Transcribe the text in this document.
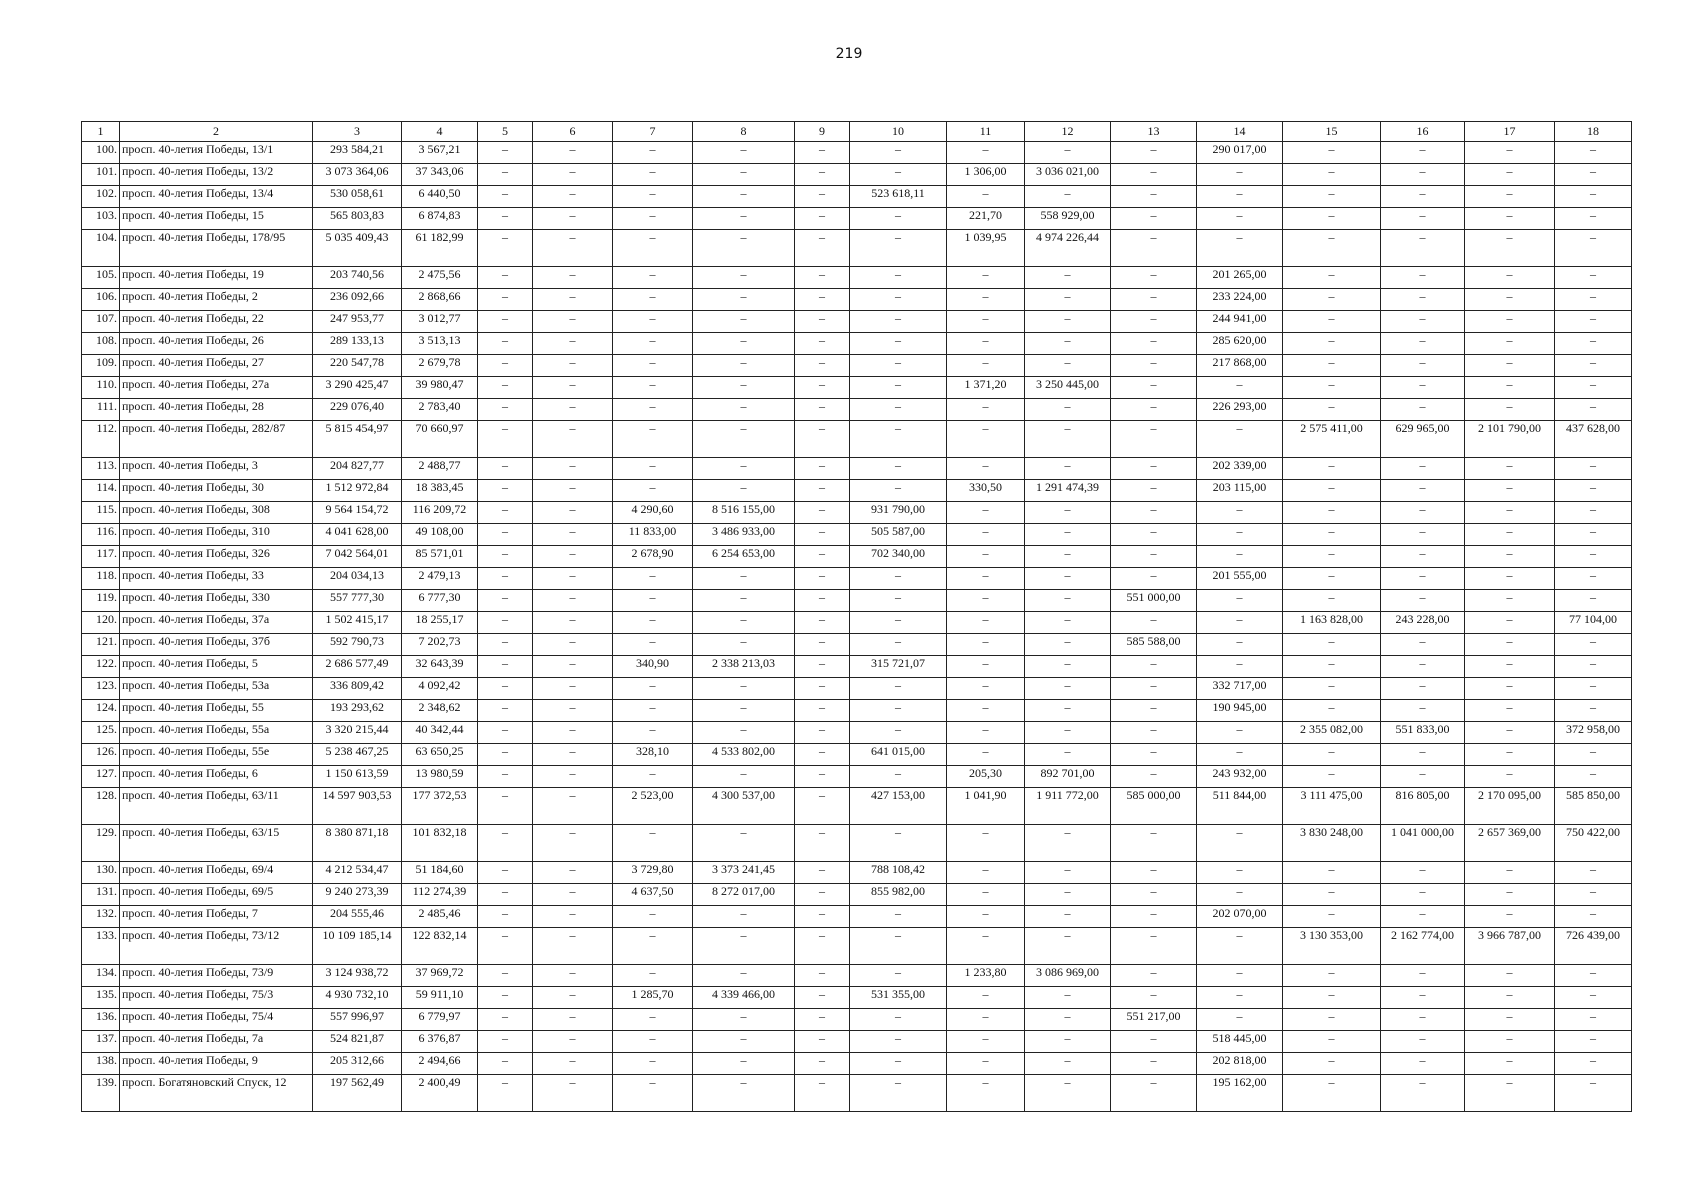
219
1	2	3	4	5	6	7	8	9	10	11	12	13	14	15	16	17	18
100.	просп. 40-летия Победы, 13/1	293 584,21	3 567,21	–	–	–	–	–	–	–	–	–	290 017,00	–	–	–	–
101.	просп. 40-летия Победы, 13/2	3 073 364,06	37 343,06	–	–	–	–	–	–	1 306,00	3 036 021,00	–	–	–	–	–	–
102.	просп. 40-летия Победы, 13/4	530 058,61	6 440,50	–	–	–	–	–	523 618,11	–	–	–	–	–	–	–	–
103.	просп. 40-летия Победы, 15	565 803,83	6 874,83	–	–	–	–	–	–	221,70	558 929,00	–	–	–	–	–	–
104.	просп. 40-летия Победы, 178/95	5 035 409,43	61 182,99	–	–	–	–	–	–	1 039,95	4 974 226,44	–	–	–	–	–	–
105.	просп. 40-летия Победы, 19	203 740,56	2 475,56	–	–	–	–	–	–	–	–	–	201 265,00	–	–	–	–
106.	просп. 40-летия Победы, 2	236 092,66	2 868,66	–	–	–	–	–	–	–	–	–	233 224,00	–	–	–	–
107.	просп. 40-летия Победы, 22	247 953,77	3 012,77	–	–	–	–	–	–	–	–	–	244 941,00	–	–	–	–
108.	просп. 40-летия Победы, 26	289 133,13	3 513,13	–	–	–	–	–	–	–	–	–	285 620,00	–	–	–	–
109.	просп. 40-летия Победы, 27	220 547,78	2 679,78	–	–	–	–	–	–	–	–	–	217 868,00	–	–	–	–
110.	просп. 40-летия Победы, 27а	3 290 425,47	39 980,47	–	–	–	–	–	–	1 371,20	3 250 445,00	–	–	–	–	–	–
111.	просп. 40-летия Победы, 28	229 076,40	2 783,40	–	–	–	–	–	–	–	–	–	226 293,00	–	–	–	–
112.	просп. 40-летия Победы, 282/87	5 815 454,97	70 660,97	–	–	–	–	–	–	–	–	–	–	2 575 411,00	629 965,00	2 101 790,00	437 628,00
113.	просп. 40-летия Победы, 3	204 827,77	2 488,77	–	–	–	–	–	–	–	–	–	202 339,00	–	–	–	–
114.	просп. 40-летия Победы, 30	1 512 972,84	18 383,45	–	–	–	–	–	–	330,50	1 291 474,39	–	203 115,00	–	–	–	–
115.	просп. 40-летия Победы, 308	9 564 154,72	116 209,72	–	–	4 290,60	8 516 155,00	–	931 790,00	–	–	–	–	–	–	–	–
116.	просп. 40-летия Победы, 310	4 041 628,00	49 108,00	–	–	11 833,00	3 486 933,00	–	505 587,00	–	–	–	–	–	–	–	–
117.	просп. 40-летия Победы, 326	7 042 564,01	85 571,01	–	–	2 678,90	6 254 653,00	–	702 340,00	–	–	–	–	–	–	–	–
118.	просп. 40-летия Победы, 33	204 034,13	2 479,13	–	–	–	–	–	–	–	–	–	201 555,00	–	–	–	–
119.	просп. 40-летия Победы, 330	557 777,30	6 777,30	–	–	–	–	–	–	–	–	551 000,00	–	–	–	–	–
120.	просп. 40-летия Победы, 37а	1 502 415,17	18 255,17	–	–	–	–	–	–	–	–	–	–	1 163 828,00	243 228,00	–	77 104,00
121.	просп. 40-летия Победы, 37б	592 790,73	7 202,73	–	–	–	–	–	–	–	–	585 588,00	–	–	–	–	–
122.	просп. 40-летия Победы, 5	2 686 577,49	32 643,39	–	–	340,90	2 338 213,03	–	315 721,07	–	–	–	–	–	–	–	–
123.	просп. 40-летия Победы, 53а	336 809,42	4 092,42	–	–	–	–	–	–	–	–	–	332 717,00	–	–	–	–
124.	просп. 40-летия Победы, 55	193 293,62	2 348,62	–	–	–	–	–	–	–	–	–	190 945,00	–	–	–	–
125.	просп. 40-летия Победы, 55а	3 320 215,44	40 342,44	–	–	–	–	–	–	–	–	–	–	2 355 082,00	551 833,00	–	372 958,00
126.	просп. 40-летия Победы, 55е	5 238 467,25	63 650,25	–	–	328,10	4 533 802,00	–	641 015,00	–	–	–	–	–	–	–	–
127.	просп. 40-летия Победы, 6	1 150 613,59	13 980,59	–	–	–	–	–	–	205,30	892 701,00	–	243 932,00	–	–	–	–
128.	просп. 40-летия Победы, 63/11	14 597 903,53	177 372,53	–	–	2 523,00	4 300 537,00	–	427 153,00	1 041,90	1 911 772,00	585 000,00	511 844,00	3 111 475,00	816 805,00	2 170 095,00	585 850,00
129.	просп. 40-летия Победы, 63/15	8 380 871,18	101 832,18	–	–	–	–	–	–	–	–	–	–	3 830 248,00	1 041 000,00	2 657 369,00	750 422,00
130.	просп. 40-летия Победы, 69/4	4 212 534,47	51 184,60	–	–	3 729,80	3 373 241,45	–	788 108,42	–	–	–	–	–	–	–	–
131.	просп. 40-летия Победы, 69/5	9 240 273,39	112 274,39	–	–	4 637,50	8 272 017,00	–	855 982,00	–	–	–	–	–	–	–	–
132.	просп. 40-летия Победы, 7	204 555,46	2 485,46	–	–	–	–	–	–	–	–	–	202 070,00	–	–	–	–
133.	просп. 40-летия Победы, 73/12	10 109 185,14	122 832,14	–	–	–	–	–	–	–	–	–	–	3 130 353,00	2 162 774,00	3 966 787,00	726 439,00
134.	просп. 40-летия Победы, 73/9	3 124 938,72	37 969,72	–	–	–	–	–	–	1 233,80	3 086 969,00	–	–	–	–	–	–
135.	просп. 40-летия Победы, 75/3	4 930 732,10	59 911,10	–	–	1 285,70	4 339 466,00	–	531 355,00	–	–	–	–	–	–	–	–
136.	просп. 40-летия Победы, 75/4	557 996,97	6 779,97	–	–	–	–	–	–	–	–	551 217,00	–	–	–	–	–
137.	просп. 40-летия Победы, 7а	524 821,87	6 376,87	–	–	–	–	–	–	–	–	–	518 445,00	–	–	–	–
138.	просп. 40-летия Победы, 9	205 312,66	2 494,66	–	–	–	–	–	–	–	–	–	202 818,00	–	–	–	–
139.	просп. Богатяновский Спуск, 12	197 562,49	2 400,49	–	–	–	–	–	–	–	–	–	195 162,00	–	–	–	–
